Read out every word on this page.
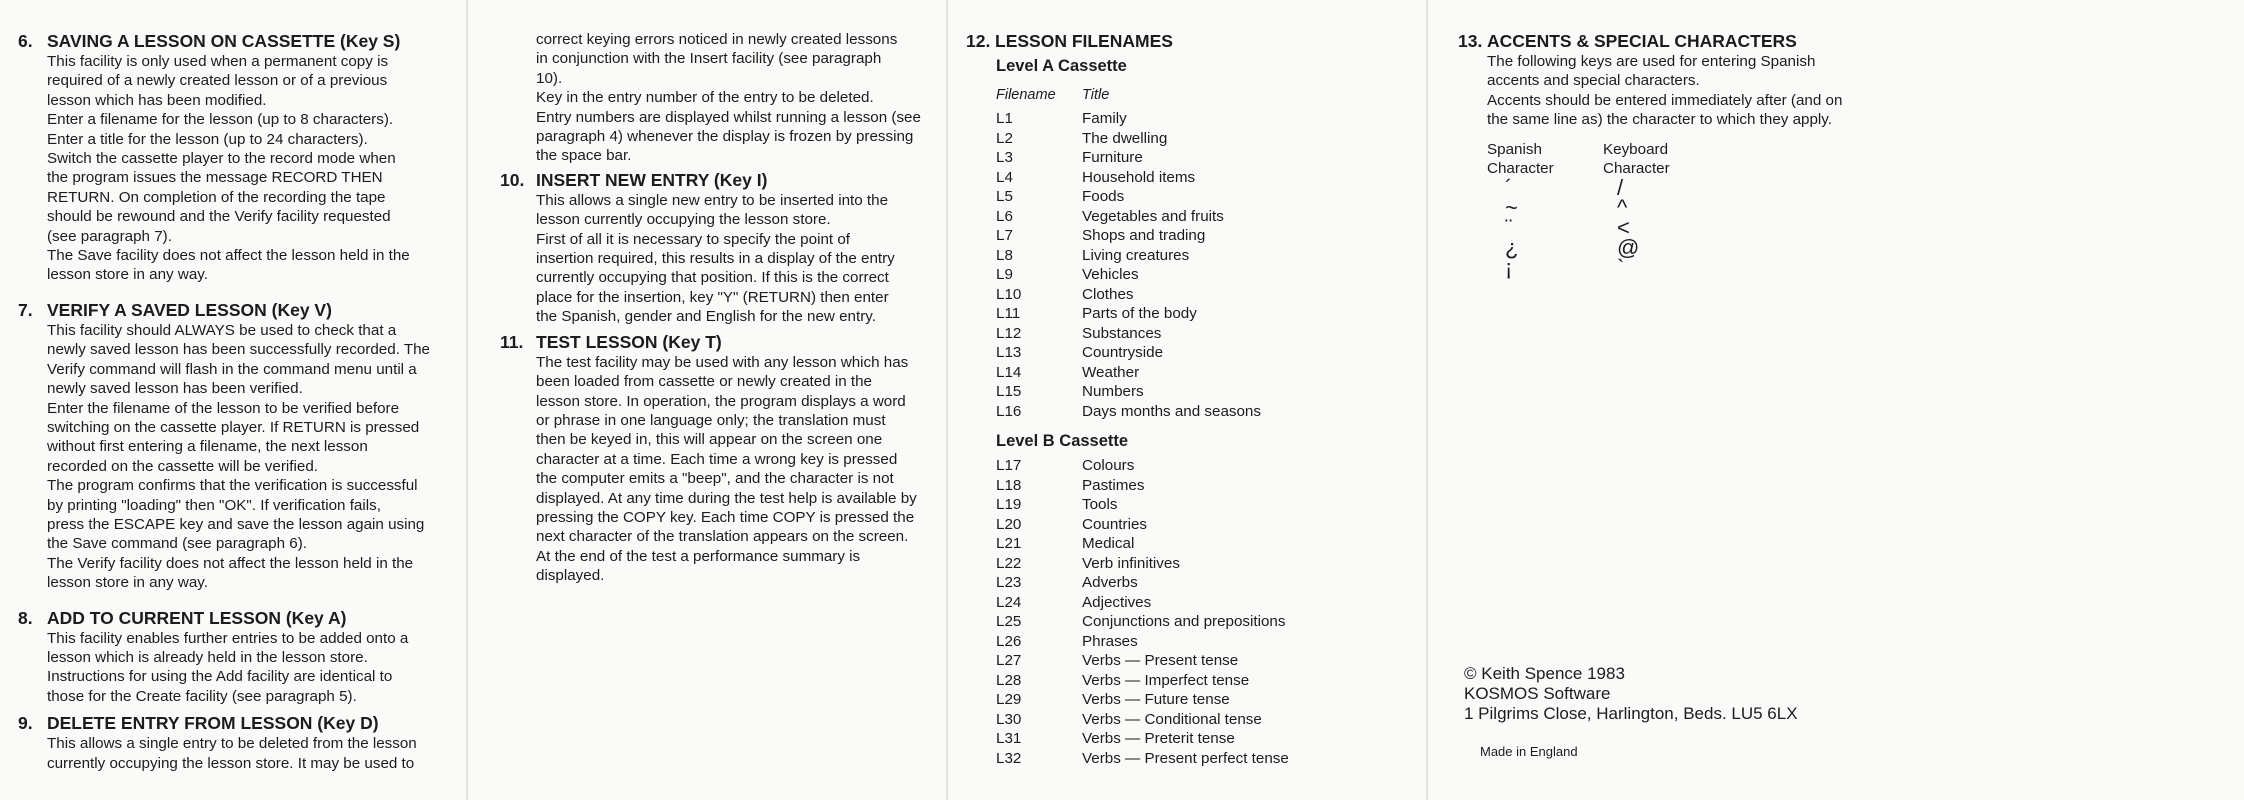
6. SAVING A LESSON ON CASSETTE (Key S)

This facility is only used when a permanent copy is

required of a newly created lesson or of a previous

lesson which has been modified.

Enter a filename for the lesson (up to 8 characters).

Enter a title for the lesson (up to 24 characters).

Switch the cassette player to the record mode when

the program issues the message RECORD THEN

RETURN. On completion of the recording the tape

should be rewound and the Verify facility requested

(see paragraph 7).

The Save facility does not affect the lesson held in the

lesson store in any way.

7. VERIFY A SAVED LESSON (Key V)

This facility should ALWAYS be used to check that a

newly saved lesson has been successfully recorded. The

Verify command will flash in the command menu until a

newly saved lesson has been verified.

Enter the filename of the lesson to be verified before

switching on the cassette player. If RETURN is pressed

without first entering a filename, the next lesson

recorded on the cassette will be verified.

The program confirms that the verification is successful

by printing "loading" then "OK". If verification fails,

press the ESCAPE key and save the lesson again using

the Save command (see paragraph 6).

The Verify facility does not affect the lesson held in the

lesson store in any way.

8. ADD TO CURRENT LESSON (Key A)

This facility enables further entries to be added onto a

lesson which is already held in the lesson store.

Instructions for using the Add facility are identical to

those for the Create facility (see paragraph 5).

9. DELETE ENTRY FROM LESSON (Key D)

This allows a single entry to be deleted from the lesson

currently occupying the lesson store. It may be used to

correct keying errors noticed in newly created lessons

in conjunction with the Insert facility (see paragraph

10).

Key in the entry number of the entry to be deleted.

Entry numbers are displayed whilst running a lesson (see

paragraph 4) whenever the display is frozen by pressing

the space bar.

10. INSERT NEW ENTRY (Key I)

This allows a single new entry to be inserted into the

lesson currently occupying the lesson store.

First of all it is necessary to specify the point of

insertion required, this results in a display of the entry

currently occupying that position. If this is the correct

place for the insertion, key "Y" (RETURN) then enter

the Spanish, gender and English for the new entry.

11. TEST LESSON (Key T)

The test facility may be used with any lesson which has

been loaded from cassette or newly created in the

lesson store. In operation, the program displays a word

or phrase in one language only; the translation must

then be keyed in, this will appear on the screen one

character at a time. Each time a wrong key is pressed

the computer emits a "beep", and the character is not

displayed. At any time during the test help is available by

pressing the COPY key. Each time COPY is pressed the

next character of the translation appears on the screen.

At the end of the test a performance summary is

displayed.

12. LESSON FILENAMES
Level A Cassette
Filename	Title
L1	Family
L2	The dwelling
L3	Furniture
L4	Household items
L5	Foods
L6	Vegetables and fruits
L7	Shops and trading
L8	Living creatures
L9	Vehicles
L10	Clothes
L11	Parts of the body
L12	Substances
L13	Countryside
L14	Weather
L15	Numbers
L16	Days months and seasons
Level B Cassette
L17	Colours
L18	Pastimes
L19	Tools
L20	Countries
L21	Medical
L22	Verb infinitives
L23	Adverbs
L24	Adjectives
L25	Conjunctions and prepositions
L26	Phrases
L27	Verbs — Present tense
L28	Verbs — Imperfect tense
L29	Verbs — Future tense
L30	Verbs — Conditional tense
L31	Verbs — Preterit tense
L32	Verbs — Present perfect tense
13. ACCENTS & SPECIAL CHARACTERS

The following keys are used for entering Spanish

accents and special characters.

Accents should be entered immediately after (and on

the same line as) the character to which they apply.

Spanish	Keyboard
Character	Character
´	/
~	^
¨	<
¿	@
¡	`

© Keith Spence 1983

KOSMOS Software

1 Pilgrims Close, Harlington, Beds. LU5 6LX

Made in England
